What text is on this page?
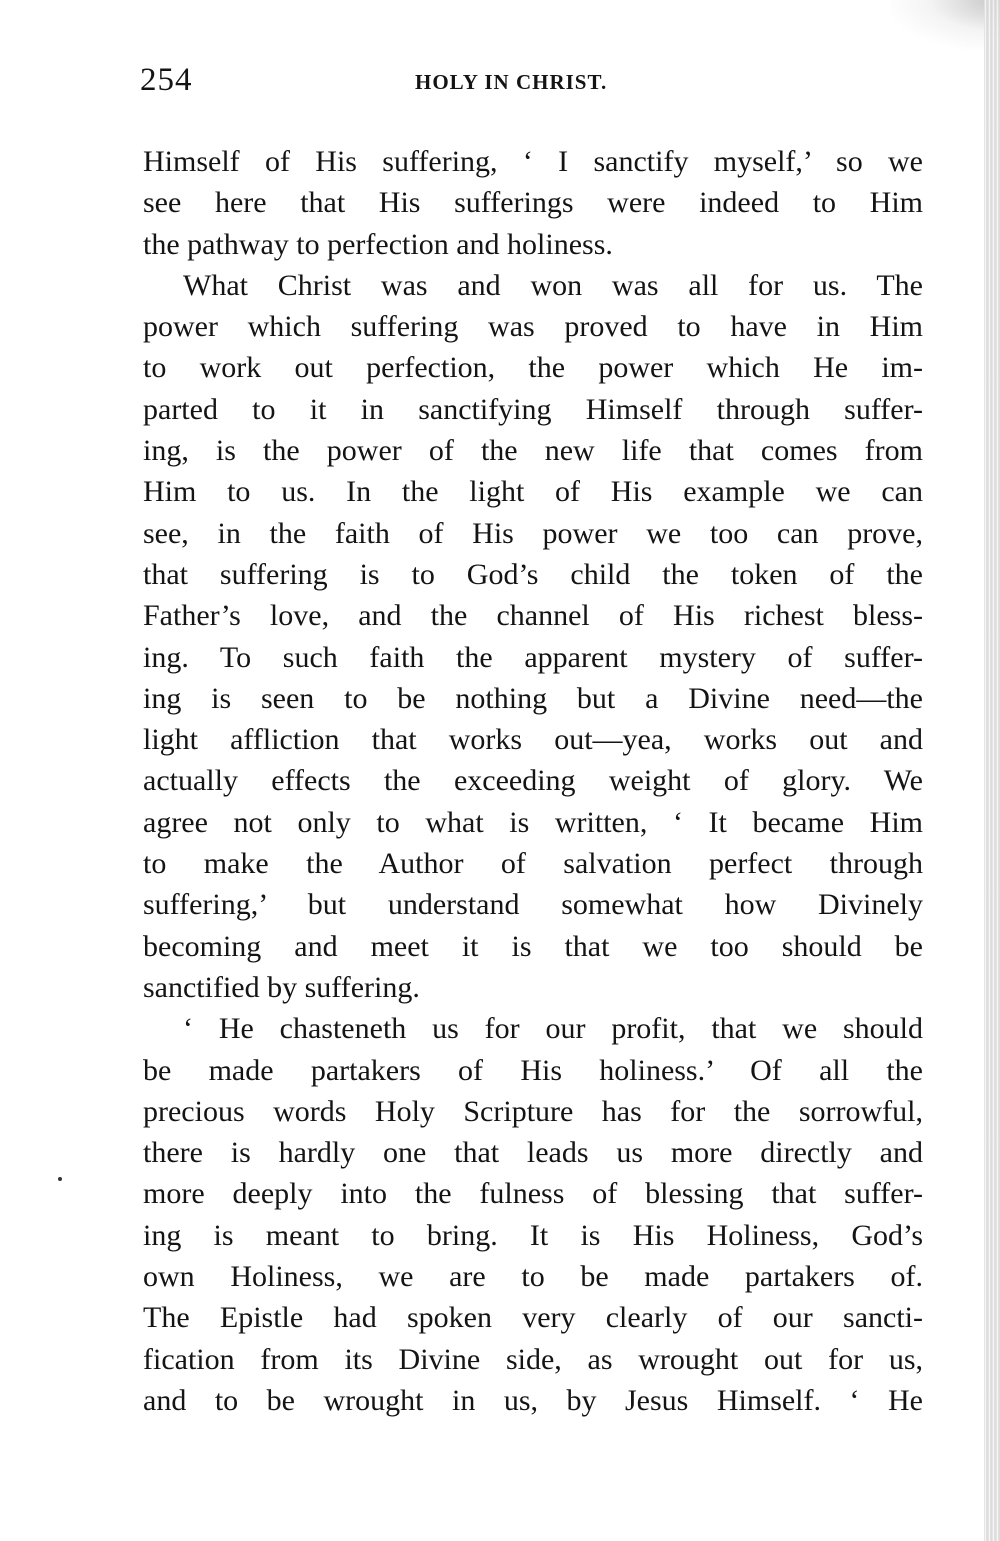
254	HOLY IN CHRIST.
Himself of His suffering, ‘ I sanctify myself,’ so we
see here that His sufferings were indeed to Him
the pathway to perfection and holiness.
What Christ was and won was all for us. The
power which suffering was proved to have in Him
to work out perfection, the power which He im-
parted to it in sanctifying Himself through suffer-
ing, is the power of the new life that comes from
Him to us. In the light of His example we can
see, in the faith of His power we too can prove,
that suffering is to God’s child the token of the
Father’s love, and the channel of His richest bless-
ing. To such faith the apparent mystery of suffer-
ing is seen to be nothing but a Divine need—the
light affliction that works out—yea, works out and
actually effects the exceeding weight of glory. We
agree not only to what is written, ‘ It became Him
to make the Author of salvation perfect through
suffering,’ but understand somewhat how Divinely
becoming and meet it is that we too should be
sanctified by suffering.
‘ He chasteneth us for our profit, that we should
be made partakers of His holiness.’ Of all the
precious words Holy Scripture has for the sorrowful,
there is hardly one that leads us more directly and
more deeply into the fulness of blessing that suffer-
ing is meant to bring. It is His Holiness, God’s
own Holiness, we are to be made partakers of.
The Epistle had spoken very clearly of our sancti-
fication from its Divine side, as wrought out for us,
and to be wrought in us, by Jesus Himself. ‘ He
